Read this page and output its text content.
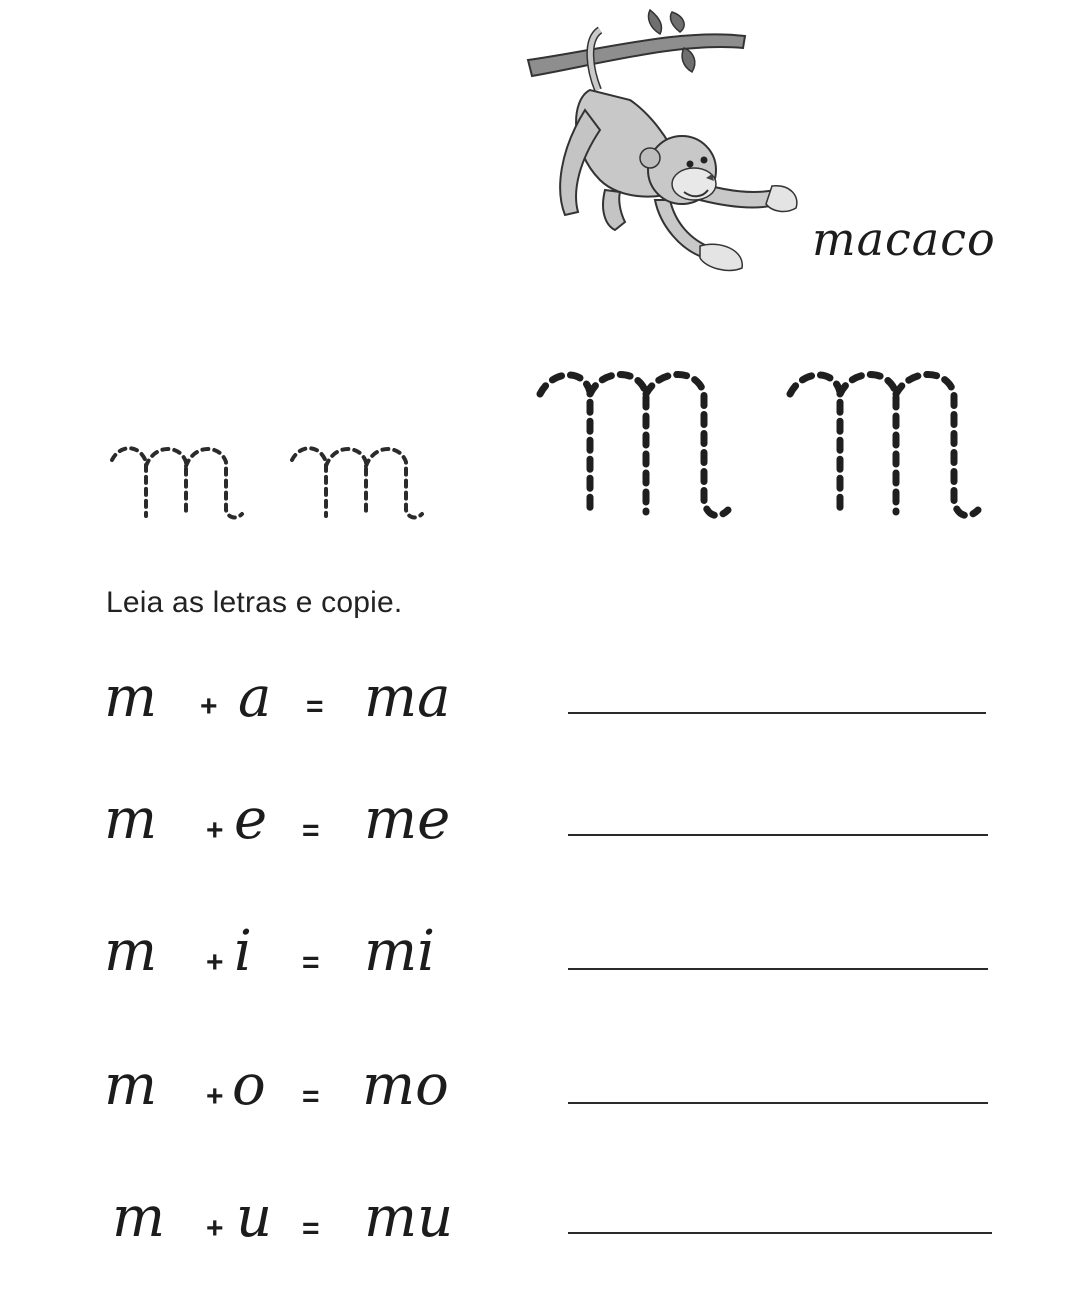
macaco
Leia as letras e copie.
m + a = ma
m + e = me
m + i = mi
m + o = mo
m + u = mu
